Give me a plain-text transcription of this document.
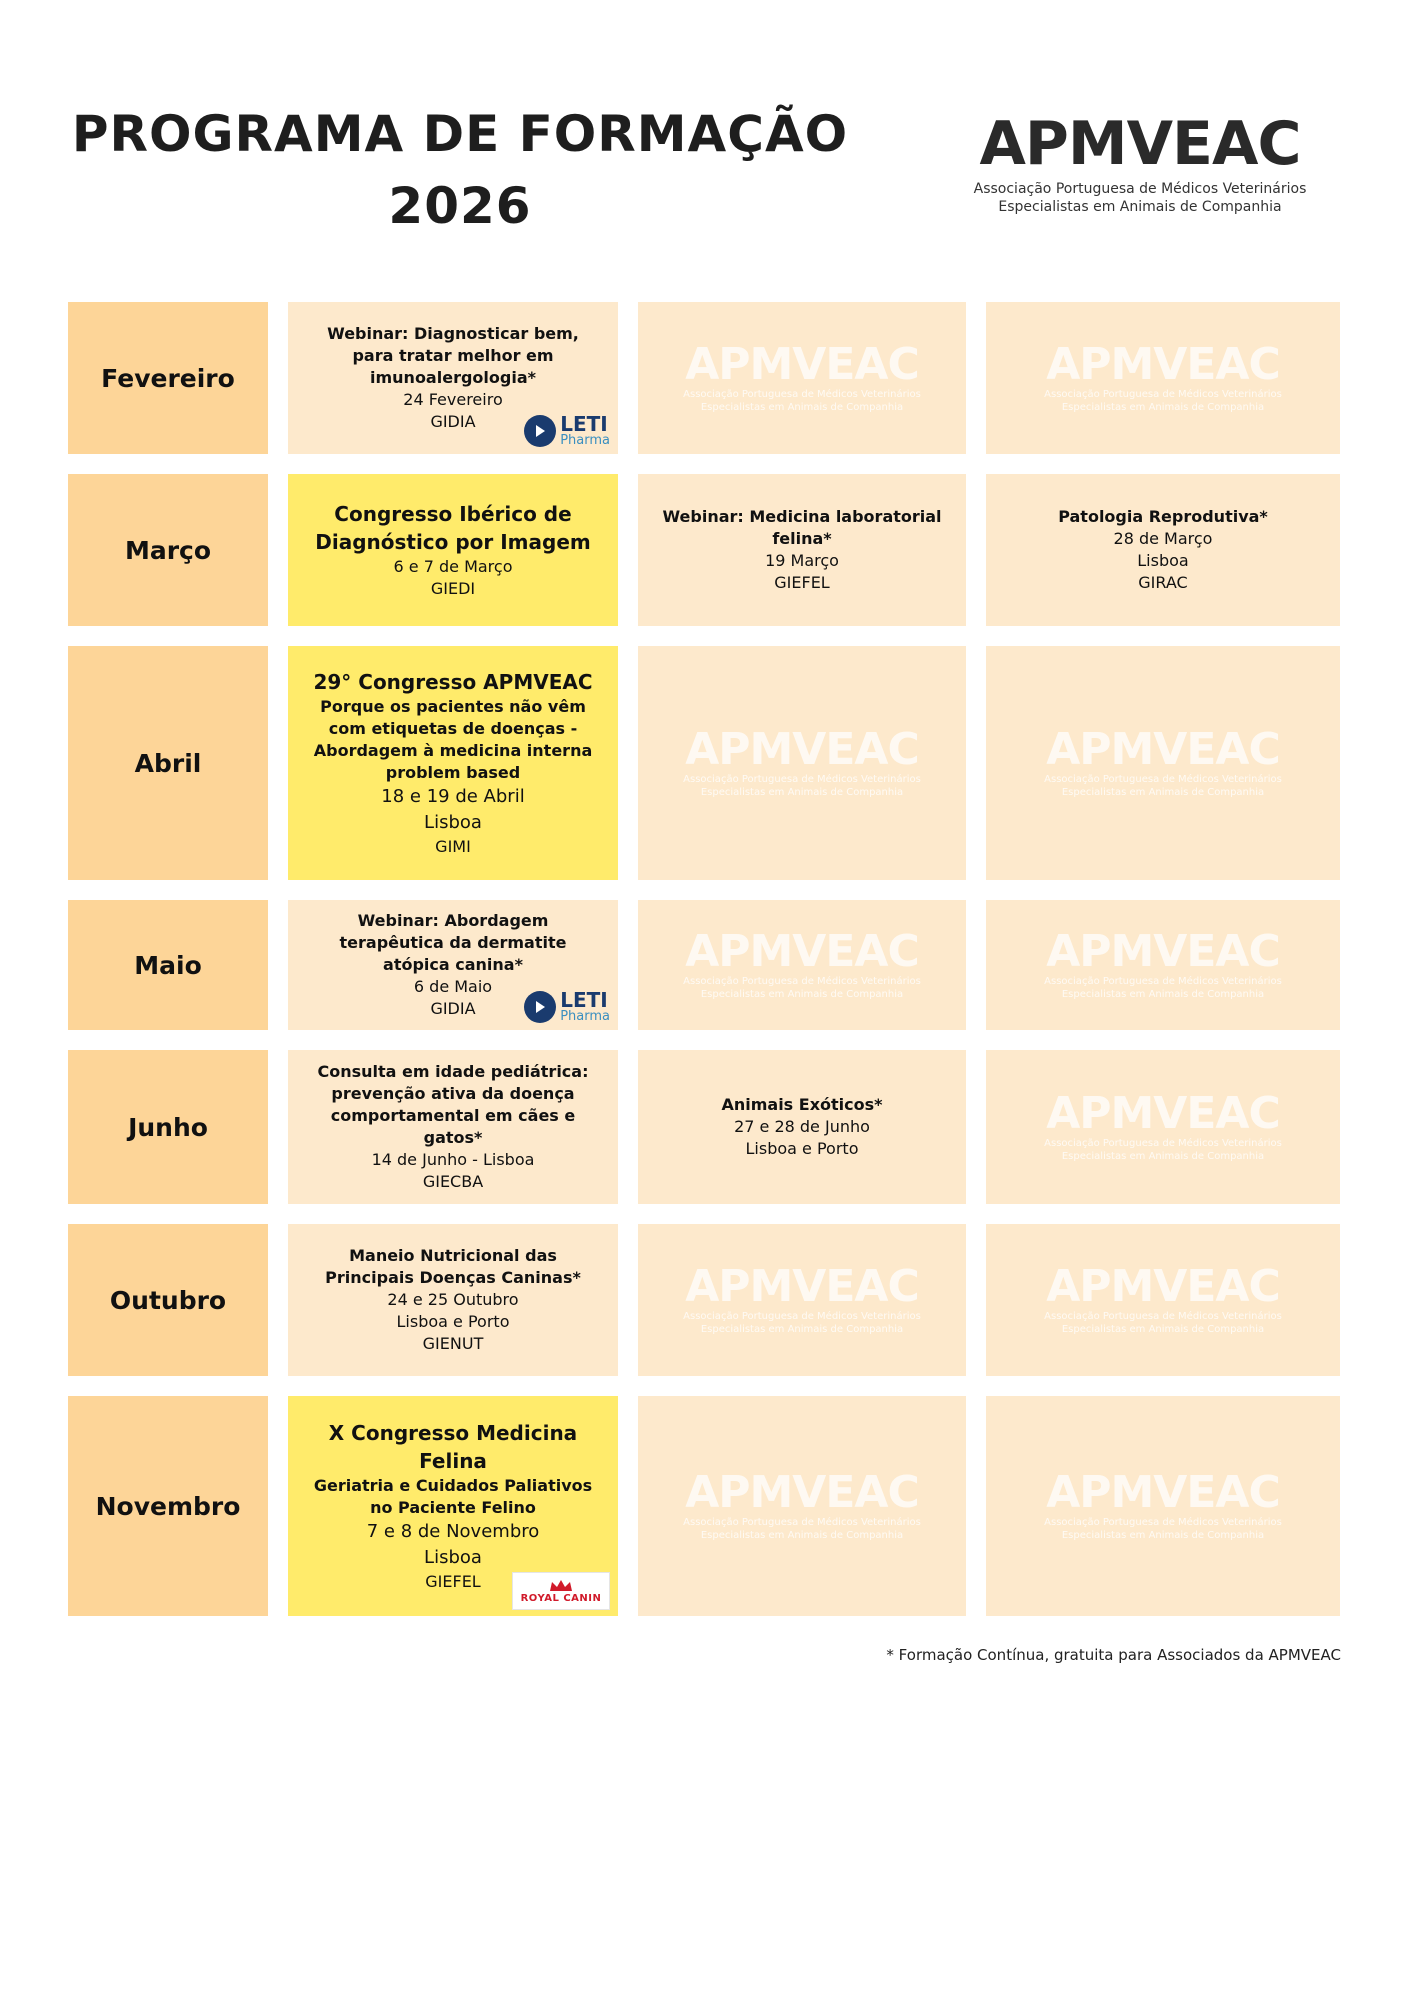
PROGRAMA DE FORMAÇÃO
2026
APMVEAC
Associação Portuguesa de Médicos Veterinários
Especialistas em Animais de Companhia
Fevereiro
Webinar: Diagnosticar bem, para tratar melhor em imunoalergologia*
24 Fevereiro
GIDIA	LETI
Pharma
APMVEAC
Associação Portuguesa de Médicos Veterinários
Especialistas em Animais de Companhia
APMVEAC
Associação Portuguesa de Médicos Veterinários
Especialistas em Animais de Companhia
Março
Congresso Ibérico de Diagnóstico por Imagem
6 e 7 de Março
GIEDI
Webinar: Medicina laboratorial felina*
19 Março
GIEFEL
Patologia Reprodutiva*
28 de Março
Lisboa
GIRAC
Abril
29° Congresso APMVEAC
Porque os pacientes não vêm com etiquetas de doenças - Abordagem à medicina interna problem based
18 e 19 de Abril
Lisboa
GIMI
APMVEAC
Associação Portuguesa de Médicos Veterinários
Especialistas em Animais de Companhia
APMVEAC
Associação Portuguesa de Médicos Veterinários
Especialistas em Animais de Companhia
Maio
Webinar: Abordagem terapêutica da dermatite atópica canina*
6 de Maio
GIDIA	LETI
Pharma
APMVEAC
Associação Portuguesa de Médicos Veterinários
Especialistas em Animais de Companhia
APMVEAC
Associação Portuguesa de Médicos Veterinários
Especialistas em Animais de Companhia
Junho
Consulta em idade pediátrica: prevenção ativa da doença comportamental em cães e gatos*
14 de Junho - Lisboa
GIECBA
Animais Exóticos*
27 e 28 de Junho
Lisboa e Porto
APMVEAC
Associação Portuguesa de Médicos Veterinários
Especialistas em Animais de Companhia
Outubro
Maneio Nutricional das Principais Doenças Caninas*
24 e 25 Outubro
Lisboa e Porto
GIENUT
APMVEAC
Associação Portuguesa de Médicos Veterinários
Especialistas em Animais de Companhia
APMVEAC
Associação Portuguesa de Médicos Veterinários
Especialistas em Animais de Companhia
Novembro
X Congresso Medicina Felina
Geriatria e Cuidados Paliativos no Paciente Felino
7 e 8 de Novembro
Lisboa
GIEFEL
ROYAL CANIN
APMVEAC
Associação Portuguesa de Médicos Veterinários
Especialistas em Animais de Companhia
APMVEAC
Associação Portuguesa de Médicos Veterinários
Especialistas em Animais de Companhia
* Formação Contínua, gratuita para Associados da APMVEAC
